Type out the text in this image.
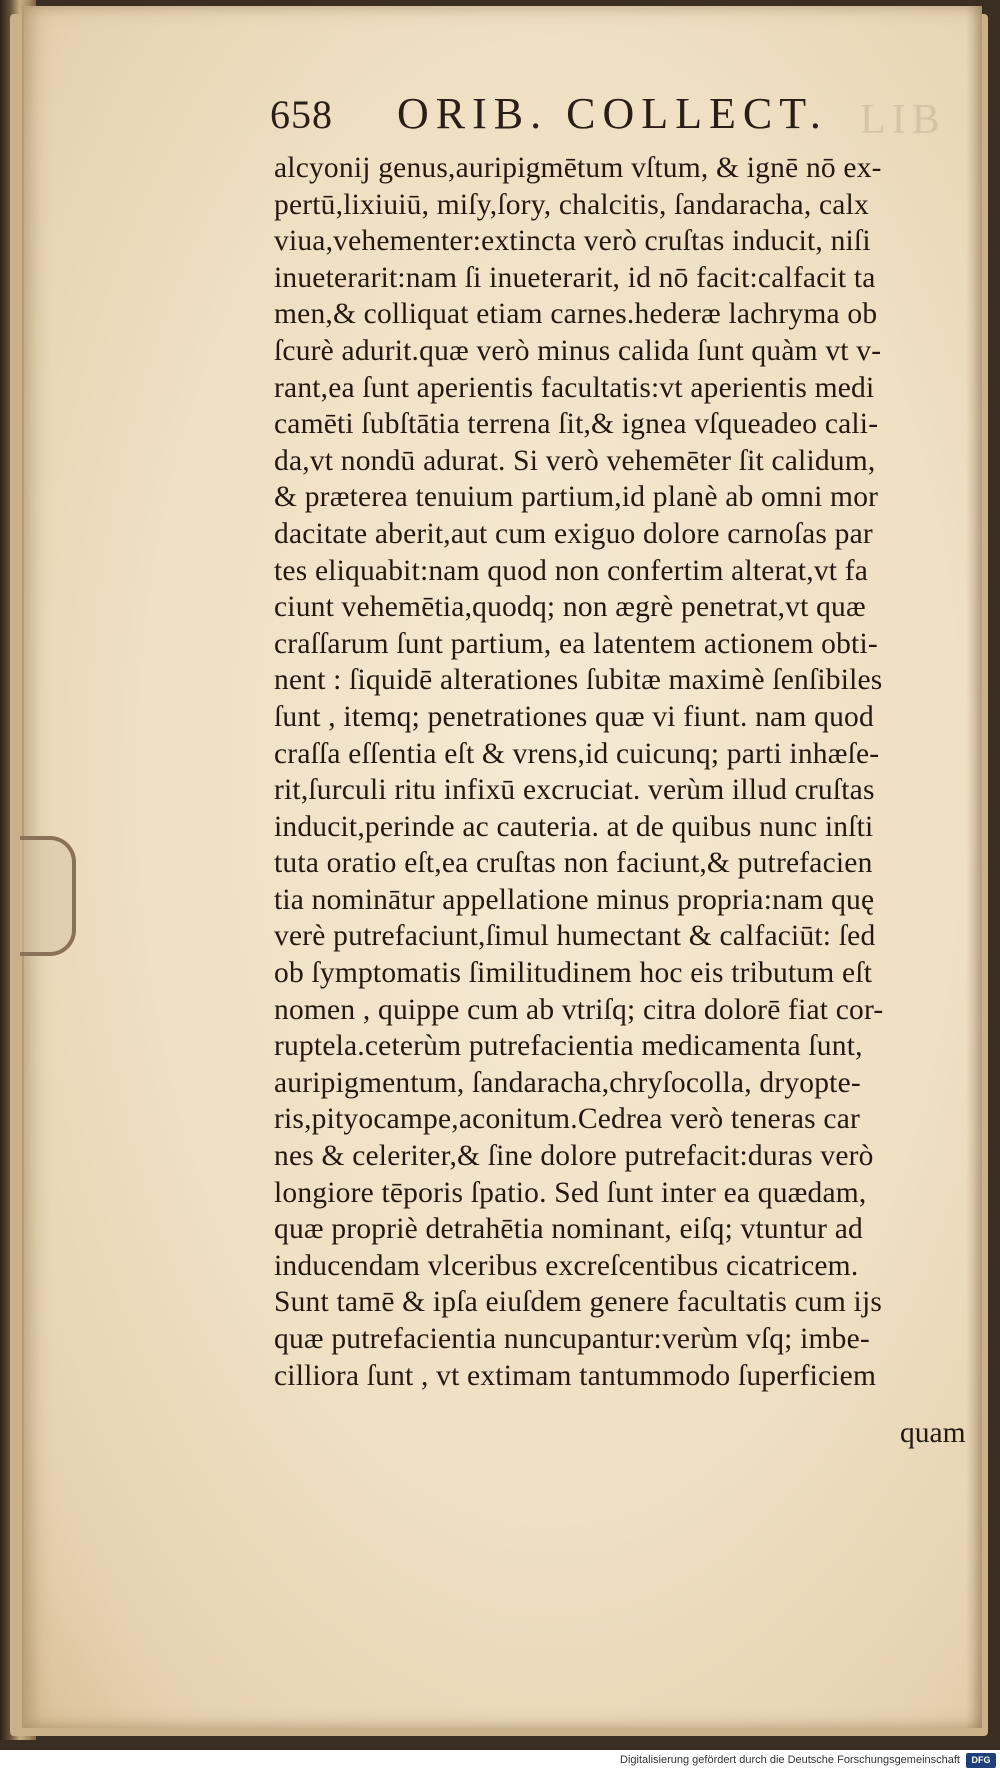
LIB
658 ORIB. COLLECT.
alcyonij genus,auripigmētum vſtum, & ignē nō ex-
pertū,lixiuiū, miſy,ſory, chalcitis, ſandaracha, calx
viua,vehementer:extincta verò cruſtas inducit, niſi
inueterarit:nam ſi inueterarit, id nō facit:calfacit ta
men,& colliquat etiam carnes.hederæ lachryma ob
ſcurè adurit.quæ verò minus calida ſunt quàm vt v-
rant,ea ſunt aperientis facultatis:vt aperientis medi
camēti ſubſtātia terrena ſit,& ignea vſqueadeo cali-
da,vt nondū adurat. Si verò vehemēter ſit calidum,
& præterea tenuium partium,id planè ab omni mor
dacitate aberit,aut cum exiguo dolore carnoſas par
tes eliquabit:nam quod non confertim alterat,vt fa
ciunt vehemētia,quodq; non ægrè penetrat,vt quæ
craſſarum ſunt partium, ea latentem actionem obti-
nent : ſiquidē alterationes ſubitæ maximè ſenſibiles
ſunt , itemq; penetrationes quæ vi fiunt. nam quod
craſſa eſſentia eſt & vrens,id cuicunq; parti inhæſe-
rit,ſurculi ritu infixū excruciat. verùm illud cruſtas
inducit,perinde ac cauteria. at de quibus nunc inſti
tuta oratio eſt,ea cruſtas non faciunt,& putrefacien
tia nominātur appellatione minus propria:nam quę
verè putrefaciunt,ſimul humectant & calfaciūt: ſed
ob ſymptomatis ſimilitudinem hoc eis tributum eſt
nomen , quippe cum ab vtriſq; citra dolorē fiat cor-
ruptela.ceterùm putrefacientia medicamenta ſunt,
auripigmentum, ſandaracha,chryſocolla, dryopte-
ris,pityocampe,aconitum.Cedrea verò teneras car
nes & celeriter,& ſine dolore putrefacit:duras verò
longiore tēporis ſpatio. Sed ſunt inter ea quædam,
quæ propriè detrahētia nominant, eiſq; vtuntur ad
inducendam vlceribus excreſcentibus cicatricem.
Sunt tamē & ipſa eiuſdem genere facultatis cum ijs
quæ putrefacientia nuncupantur:verùm vſq; imbe-
cilliora ſunt , vt extimam tantummodo ſuperficiem
quam
Digitalisierung gefördert durch die Deutsche Forschungsgemeinschaft	DFG
